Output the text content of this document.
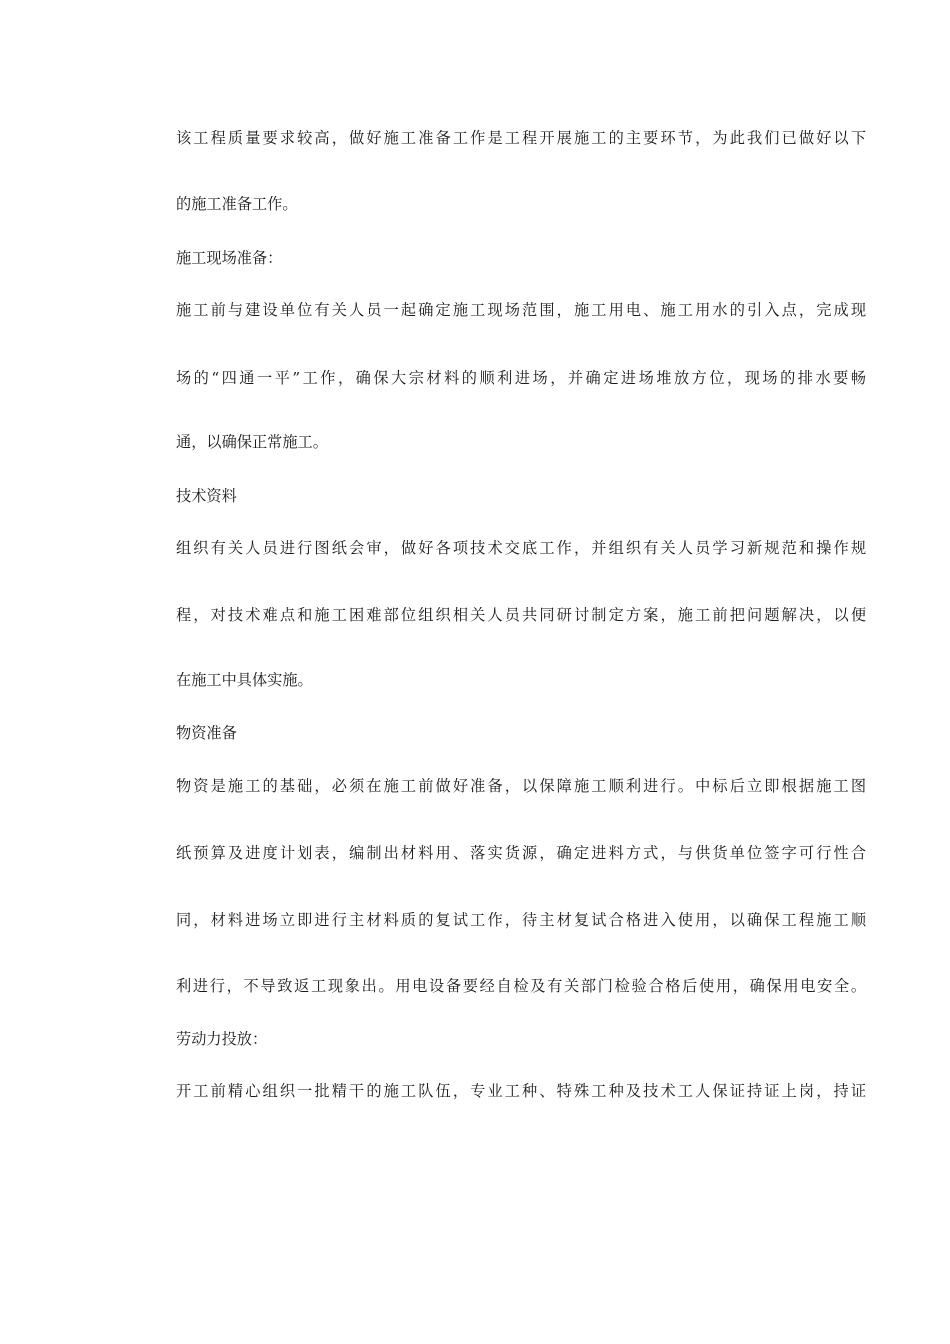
该工程质量要求较高，做好施工准备工作是工程开展施工的主要环节，为此我们已做好以下
的施工准备工作。
施工现场准备：
施工前与建设单位有关人员一起确定施工现场范围，施工用电、施工用水的引入点，完成现
场的“四通一平”工作，确保大宗材料的顺利进场，并确定进场堆放方位，现场的排水要畅
通，以确保正常施工。
技术资料
组织有关人员进行图纸会审，做好各项技术交底工作，并组织有关人员学习新规范和操作规
程，对技术难点和施工困难部位组织相关人员共同研讨制定方案，施工前把问题解决，以便
在施工中具体实施。
物资准备
物资是施工的基础，必须在施工前做好准备，以保障施工顺利进行。中标后立即根据施工图
纸预算及进度计划表，编制出材料用、落实货源，确定进料方式，与供货单位签字可行性合
同，材料进场立即进行主材料质的复试工作，待主材复试合格进入使用，以确保工程施工顺
利进行，不导致返工现象出。用电设备要经自检及有关部门检验合格后使用，确保用电安全。
劳动力投放：
开工前精心组织一批精干的施工队伍，专业工种、特殊工种及技术工人保证持证上岗，持证
